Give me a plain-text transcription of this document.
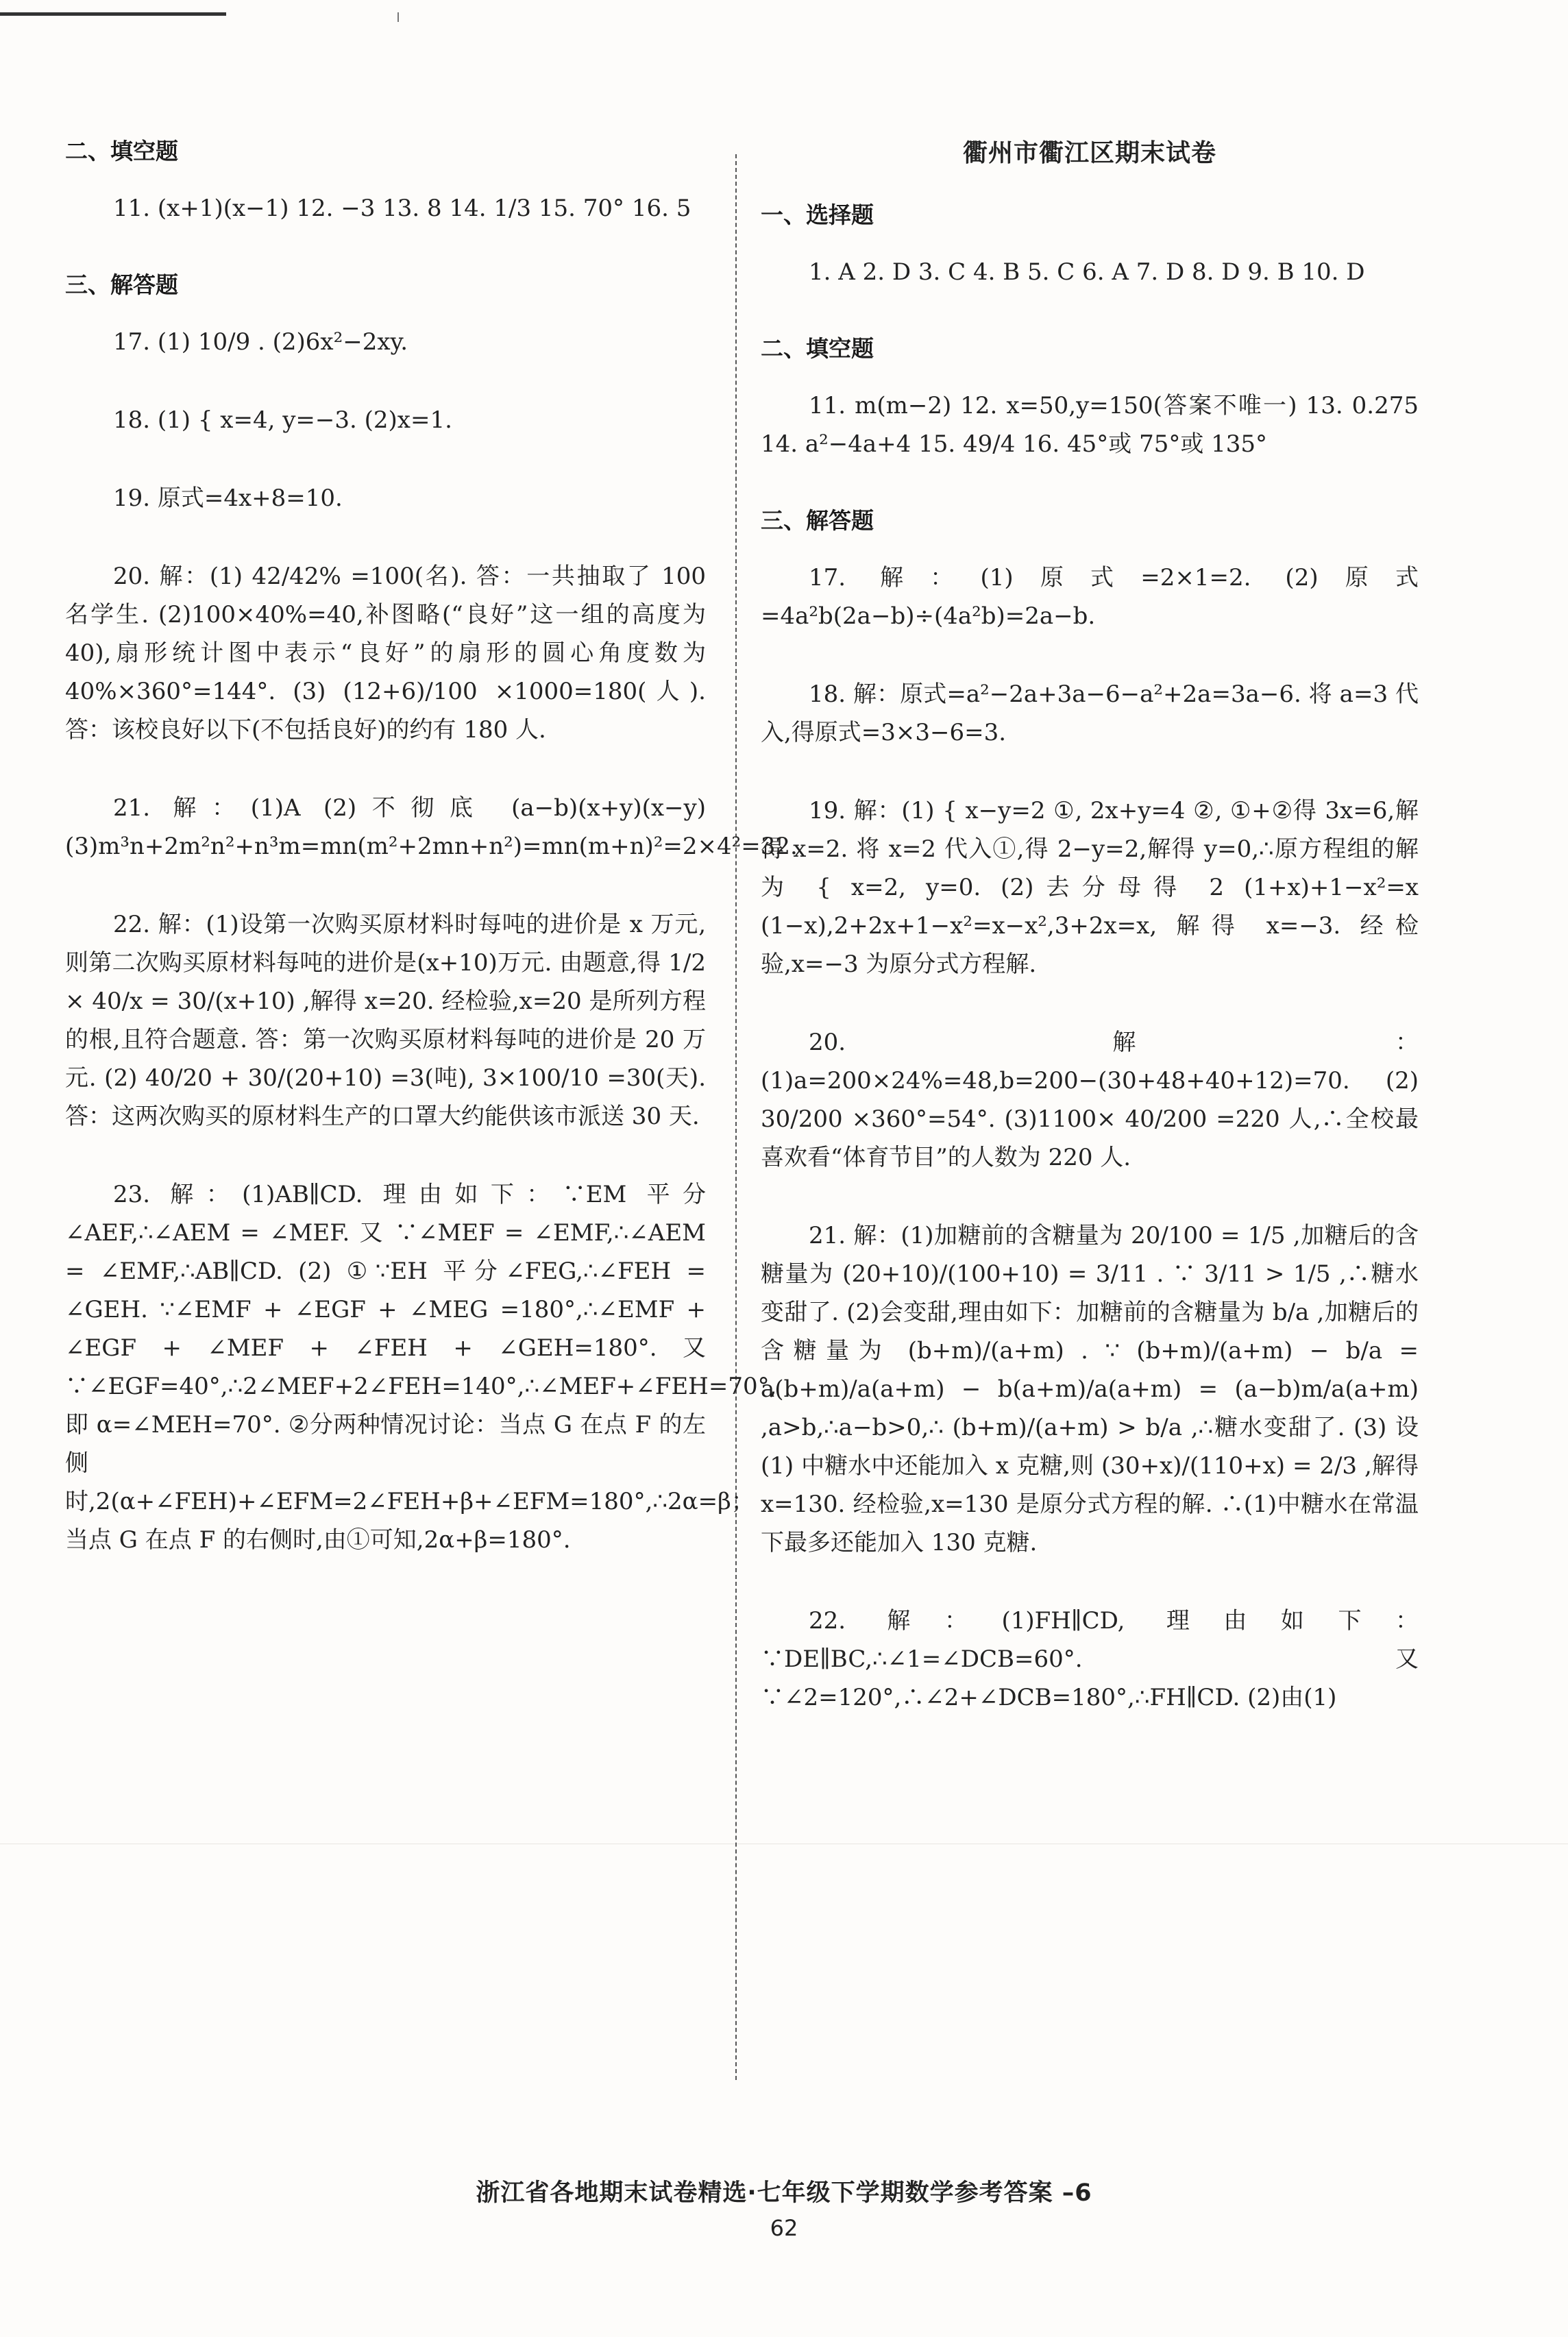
二、填空题
11. (x+1)(x−1) 12. −3 13. 8 14. 1/3 15. 70° 16. 5
三、解答题
17. (1) 10/9 . (2)6x²−2xy.
18. (1) { x=4, y=−3. (2)x=1.
19. 原式=4x+8=10.
20. 解：(1) 42/42% =100(名). 答：一共抽取了 100 名学生. (2)100×40%=40,补图略(“良好”这一组的高度为 40),扇形统计图中表示“良好”的扇形的圆心角度数为 40%×360°=144°. (3) (12+6)/100 ×1000=180(人). 答：该校良好以下(不包括良好)的约有 180 人.
21. 解：(1)A (2)不彻底 (a−b)(x+y)(x−y) (3)m³n+2m²n²+n³m=mn(m²+2mn+n²)=mn(m+n)²=2×4²=32.
22. 解：(1)设第一次购买原材料时每吨的进价是 x 万元,则第二次购买原材料每吨的进价是(x+10)万元. 由题意,得 1/2 × 40/x = 30/(x+10) ,解得 x=20. 经检验,x=20 是所列方程的根,且符合题意. 答：第一次购买原材料每吨的进价是 20 万元. (2) 40/20 + 30/(20+10) =3(吨), 3×100/10 =30(天). 答：这两次购买的原材料生产的口罩大约能供该市派送 30 天.
23. 解：(1)AB∥CD. 理由如下：∵EM 平分∠AEF,∴∠AEM = ∠MEF. 又 ∵∠MEF = ∠EMF,∴∠AEM = ∠EMF,∴AB∥CD. (2) ①∵EH 平分∠FEG,∴∠FEH = ∠GEH. ∵∠EMF + ∠EGF + ∠MEG =180°,∴∠EMF + ∠EGF + ∠MEF + ∠FEH + ∠GEH=180°. 又∵∠EGF=40°,∴2∠MEF+2∠FEH=140°,∴∠MEF+∠FEH=70°, 即 α=∠MEH=70°. ②分两种情况讨论：当点 G 在点 F 的左侧时,2(α+∠FEH)+∠EFM=2∠FEH+β+∠EFM=180°,∴2α=β；当点 G 在点 F 的右侧时,由①可知,2α+β=180°.
衢州市衢江区期末试卷
一、选择题
1. A 2. D 3. C 4. B 5. C 6. A 7. D 8. D 9. B 10. D
二、填空题
11. m(m−2) 12. x=50,y=150(答案不唯一) 13. 0.275 14. a²−4a+4 15. 49/4 16. 45°或 75°或 135°
三、解答题
17. 解：(1)原式=2×1=2. (2)原式=4a²b(2a−b)÷(4a²b)=2a−b.
18. 解：原式=a²−2a+3a−6−a²+2a=3a−6. 将 a=3 代入,得原式=3×3−6=3.
19. 解：(1) { x−y=2 ①, 2x+y=4 ②, ①+②得 3x=6,解得 x=2. 将 x=2 代入①,得 2−y=2,解得 y=0,∴原方程组的解为 { x=2, y=0. (2)去分母得 2 (1+x)+1−x²=x (1−x),2+2x+1−x²=x−x²,3+2x=x, 解得 x=−3. 经检验,x=−3 为原分式方程解.
20. 解：(1)a=200×24%=48,b=200−(30+48+40+12)=70. (2) 30/200 ×360°=54°. (3)1100× 40/200 =220 人,∴全校最喜欢看“体育节目”的人数为 220 人.
21. 解：(1)加糖前的含糖量为 20/100 = 1/5 ,加糖后的含糖量为 (20+10)/(100+10) = 3/11 . ∵ 3/11 > 1/5 ,∴糖水变甜了. (2)会变甜,理由如下：加糖前的含糖量为 b/a ,加糖后的含糖量为 (b+m)/(a+m) . ∵ (b+m)/(a+m) − b/a = a(b+m)/a(a+m) − b(a+m)/a(a+m) = (a−b)m/a(a+m) ,a>b,∴a−b>0,∴ (b+m)/(a+m) > b/a ,∴糖水变甜了. (3) 设 (1) 中糖水中还能加入 x 克糖,则 (30+x)/(110+x) = 2/3 ,解得 x=130. 经检验,x=130 是原分式方程的解. ∴(1)中糖水在常温下最多还能加入 130 克糖.
22. 解：(1)FH∥CD, 理由如下：∵DE∥BC,∴∠1=∠DCB=60°. 又∵∠2=120°,∴∠2+∠DCB=180°,∴FH∥CD. (2)由(1)
浙江省各地期末试卷精选·七年级下学期数学参考答案 –6
62
